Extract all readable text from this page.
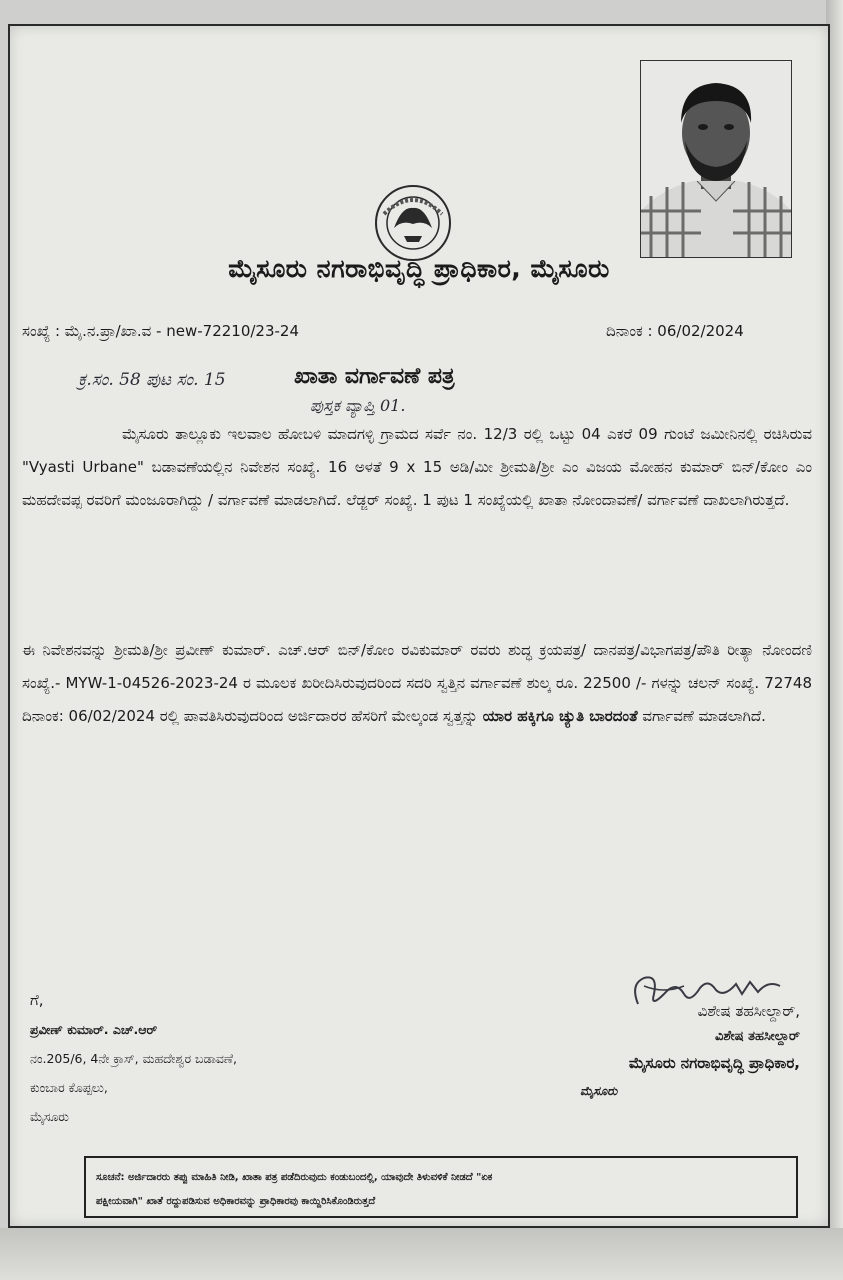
ಮೈಸೂರು ನಗರಾಭಿವೃದ್ಧಿ ಪ್ರಾಧಿಕಾರ, ಮೈಸೂರು
ಸಂಖ್ಯೆ : ಮೈ.ನ.ಪ್ರಾ/ಖಾ.ವ - new-72210/23-24	ದಿನಾಂಕ : 06/02/2024
ಕ್ರ.ಸಂ. 58 ಪುಟ ಸಂ. 15
ಪುಸ್ತಕ ವ್ಯಾಪ್ತಿ 01.
ಖಾತಾ ವರ್ಗಾವಣೆ ಪತ್ರ
ಮೈಸೂರು ತಾಲ್ಲೂಕು ಇಲವಾಲ ಹೋಬಳಿ ಮಾದಗಳ್ಳಿ ಗ್ರಾಮದ ಸರ್ವೆ ನಂ. 12/3 ರಲ್ಲಿ ಒಟ್ಟು 04 ಎಕರೆ 09 ಗುಂಟೆ ಜಮೀನಿನಲ್ಲಿ ರಚಿಸಿರುವ "Vyasti Urbane" ಬಡಾವಣೆಯಲ್ಲಿನ ನಿವೇಶನ ಸಂಖ್ಯೆ. 16 ಅಳತೆ 9 x 15 ಅಡಿ/ಮೀ ಶ್ರೀಮತಿ/ಶ್ರೀ ಎಂ ವಿಜಯ ಮೋಹನ ಕುಮಾರ್ ಬಿನ್/ಕೋಂ ಎಂ ಮಹದೇವಪ್ಪ ರವರಿಗೆ ಮಂಜೂರಾಗಿದ್ದು / ವರ್ಗಾವಣೆ ಮಾಡಲಾಗಿದೆ. ಲೆಡ್ಜರ್ ಸಂಖ್ಯೆ. 1 ಪುಟ 1 ಸಂಖ್ಯೆಯಲ್ಲಿ ಖಾತಾ ನೋಂದಾವಣೆ/ ವರ್ಗಾವಣೆ ದಾಖಲಾಗಿರುತ್ತದೆ.
ಈ ನಿವೇಶನವನ್ನು ಶ್ರೀಮತಿ/ಶ್ರೀ ಪ್ರವೀಣ್ ಕುಮಾರ್. ಎಚ್.ಆರ್ ಬಿನ್/ಕೋಂ ರವಿಕುಮಾರ್ ರವರು ಶುದ್ಧ ಕ್ರಯಪತ್ರ/ ದಾನಪತ್ರ/ವಿಭಾಗಪತ್ರ/ಪೌತಿ ರೀತ್ಯಾ ನೋಂದಣಿ ಸಂಖ್ಯೆ.- MYW-1-04526-2023-24 ರ ಮೂಲಕ ಖರೀದಿಸಿರುವುದರಿಂದ ಸದರಿ ಸ್ವತ್ತಿನ ವರ್ಗಾವಣೆ ಶುಲ್ಕ ರೂ. 22500 /- ಗಳನ್ನು ಚಲನ್ ಸಂಖ್ಯೆ. 72748 ದಿನಾಂಕ: 06/02/2024 ರಲ್ಲಿ ಪಾವತಿಸಿರುವುದರಿಂದ ಅರ್ಜಿದಾರರ ಹೆಸರಿಗೆ ಮೇಲ್ಕಂಡ ಸ್ವತ್ತನ್ನು ಯಾರ ಹಕ್ಕಿಗೂ ಚ್ಯುತಿ ಬಾರದಂತೆ ವರ್ಗಾವಣೆ ಮಾಡಲಾಗಿದೆ.
ಗೆ,
ಪ್ರವೀಣ್ ಕುಮಾರ್. ಎಚ್.ಆರ್
ನಂ.205/6, 4ನೇ ಕ್ರಾಸ್, ಮಹದೇಶ್ವರ ಬಡಾವಣೆ,
ಕುಂಬಾರ ಕೊಪ್ಪಲು,
ಮೈಸೂರು
ವಿಶೇಷ ತಹಸೀಲ್ದಾರ್,
ವಿಶೇಷ ತಹಸೀಲ್ದಾರ್
ಮೈಸೂರು ನಗರಾಭಿವೃದ್ಧಿ ಪ್ರಾಧಿಕಾರ,
ಮೈಸೂರು
ಸೂಚನೆ: ಅರ್ಜಿದಾರರು ತಪ್ಪು ಮಾಹಿತಿ ನೀಡಿ, ಖಾತಾ ಪತ್ರ ಪಡೆದಿರುವುದು ಕಂಡುಬಂದಲ್ಲಿ, ಯಾವುದೇ ತಿಳುವಳಿಕೆ ನೀಡದೆ "ಏಕ
ಪಕ್ಷೀಯವಾಗಿ" ಖಾತೆ ರದ್ದುಪಡಿಸುವ ಅಧಿಕಾರವನ್ನು ಪ್ರಾಧಿಕಾರವು ಕಾಯ್ದಿರಿಸಿಕೊಂಡಿರುತ್ತದೆ
